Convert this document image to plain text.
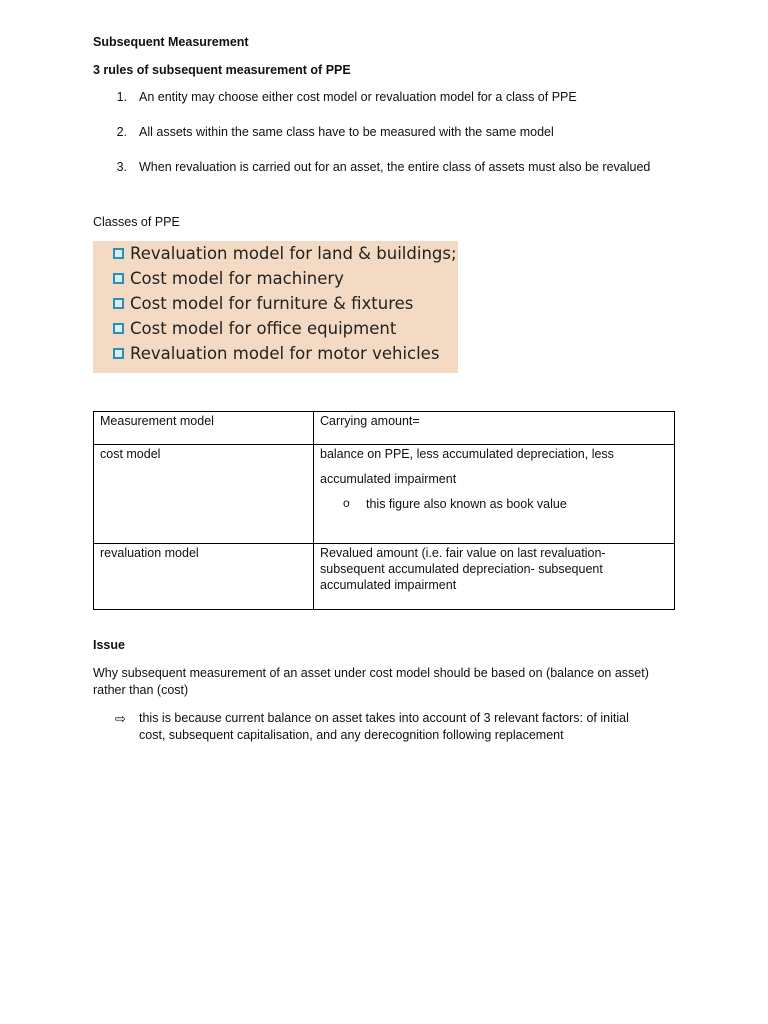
Subsequent Measurement
3 rules of subsequent measurement of PPE
1. An entity may choose either cost model or revaluation model for a class of PPE
2. All assets within the same class have to be measured with the same model
3. When revaluation is carried out for an asset, the entire class of assets must also be revalued
Classes of PPE
Revaluation model for land & buildings;
Cost model for machinery
Cost model for furniture & fixtures
Cost model for office equipment
Revaluation model for motor vehicles
Measurement model	Carrying amount=
cost model	balance on PPE, less accumulated depreciation, less
accumulated impairment
o this figure also known as book value

revaluation model	Revalued amount (i.e. fair value on last revaluation-
subsequent accumulated depreciation- subsequent
accumulated impairment
Issue
Why subsequent measurement of an asset under cost model should be based on (balance on asset)
rather than (cost)
⇨ this is because current balance on asset takes into account of 3 relevant factors: of initial
cost, subsequent capitalisation, and any derecognition following replacement
